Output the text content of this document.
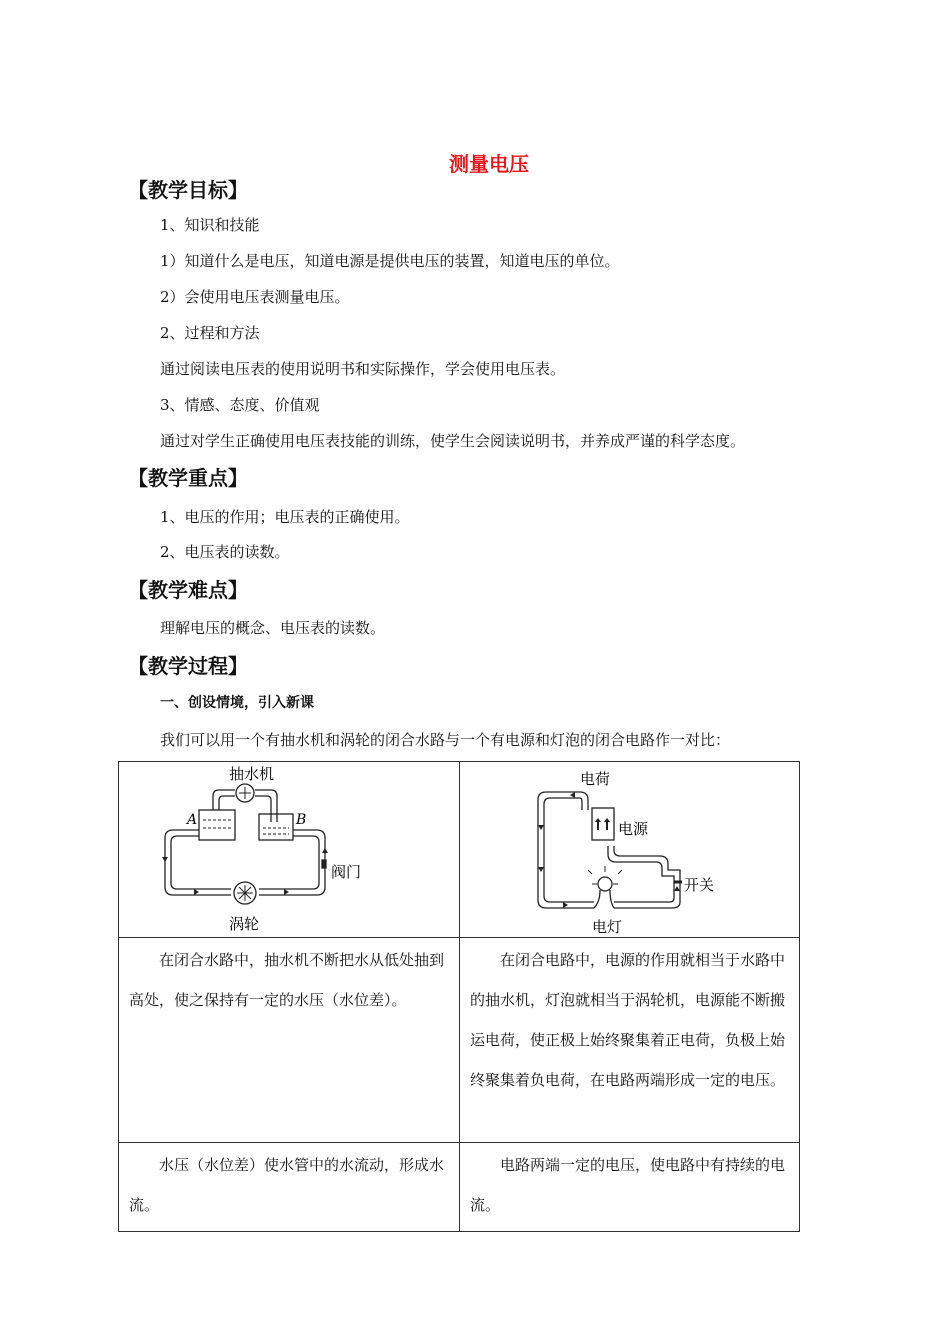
测量电压
【教学目标】
1、知识和技能
1）知道什么是电压，知道电源是提供电压的装置，知道电压的单位。
2）会使用电压表测量电压。
2、过程和方法
通过阅读电压表的使用说明书和实际操作，学会使用电压表。
3、情感、态度、价值观
通过对学生正确使用电压表技能的训练，使学生会阅读说明书，并养成严谨的科学态度。
【教学重点】
1、电压的作用；电压表的正确使用。
2、电压表的读数。
【教学难点】
理解电压的概念、电压表的读数。
【教学过程】
一、创设情境，引入新课
我们可以用一个有抽水机和涡轮的闭合水路与一个有电源和灯泡的闭合电路作一对比：
抽水机
A B
阀门
涡轮	电荷
电源
开关
电灯

在闭合水路中，抽水机不断把水从低处抽到高处，使之保持有一定的水压（水位差）。	在闭合电路中，电源的作用就相当于水路中的抽水机，灯泡就相当于涡轮机，电源能不断搬运电荷，使正极上始终聚集着正电荷，负极上始终聚集着负电荷，在电路两端形成一定的电压。
水压（水位差）使水管中的水流动，形成水流。	电路两端一定的电压，使电路中有持续的电流。
